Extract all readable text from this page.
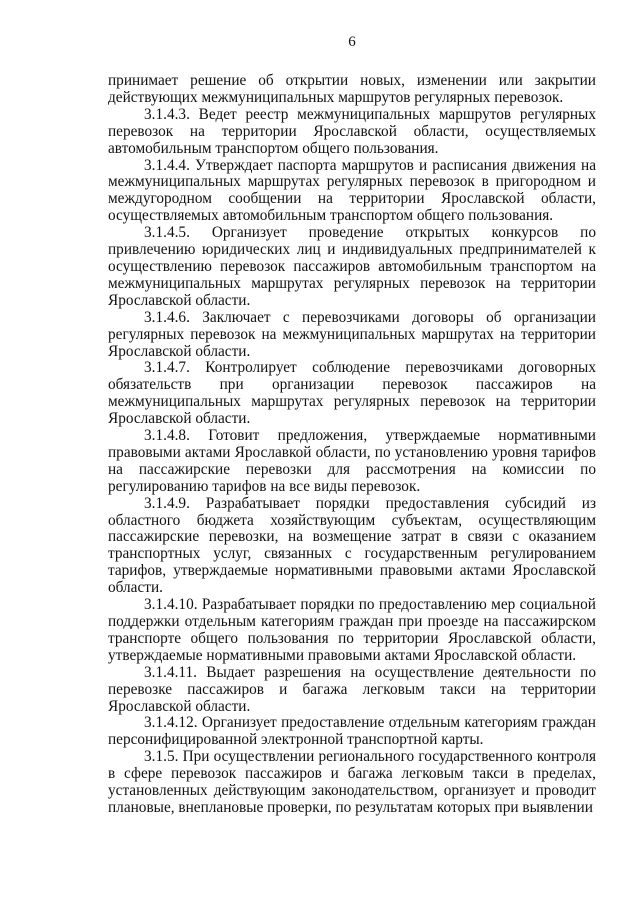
6

принимает решение об открытии новых, изменении или закрытии действующих межмуниципальных маршрутов регулярных перевозок.

3.1.4.3. Ведет реестр межмуниципальных маршрутов регулярных перевозок на территории Ярославской области, осуществляемых автомобильным транспортом общего пользования.

3.1.4.4. Утверждает паспорта маршрутов и расписания движения на межмуниципальных маршрутах регулярных перевозок в пригородном и междугородном сообщении на территории Ярославской области, осуществляемых автомобильным транспортом общего пользования.

3.1.4.5. Организует проведение открытых конкурсов по привлечению юридических лиц и индивидуальных предпринимателей к осуществлению перевозок пассажиров автомобильным транспортом на межмуниципальных маршрутах регулярных перевозок на территории Ярославской области.

3.1.4.6. Заключает с перевозчиками договоры об организации регулярных перевозок на межмуниципальных маршрутах на территории Ярославской области.

3.1.4.7. Контролирует соблюдение перевозчиками договорных обязательств при организации перевозок пассажиров на межмуниципальных маршрутах регулярных перевозок на территории Ярославской области.

3.1.4.8. Готовит предложения, утверждаемые нормативными правовыми актами Ярославкой области, по установлению уровня тарифов на пассажирские перевозки для рассмотрения на комиссии по регулированию тарифов на все виды перевозок.

3.1.4.9. Разрабатывает порядки предоставления субсидий из областного бюджета хозяйствующим субъектам, осуществляющим пассажирские перевозки, на возмещение затрат в связи с оказанием транспортных услуг, связанных с государственным регулированием тарифов, утверждаемые нормативными правовыми актами Ярославской области.

3.1.4.10. Разрабатывает порядки по предоставлению мер социальной поддержки отдельным категориям граждан при проезде на пассажирском транспорте общего пользования по территории Ярославской области, утверждаемые нормативными правовыми актами Ярославской области.

3.1.4.11. Выдает разрешения на осуществление деятельности по перевозке пассажиров и багажа легковым такси на территории Ярославской области.

3.1.4.12. Организует предоставление отдельным категориям граждан персонифицированной электронной транспортной карты.

3.1.5. При осуществлении регионального государственного контроля в сфере перевозок пассажиров и багажа легковым такси в пределах, установленных действующим законодательством, организует и проводит плановые, внеплановые проверки, по результатам которых при выявлении
